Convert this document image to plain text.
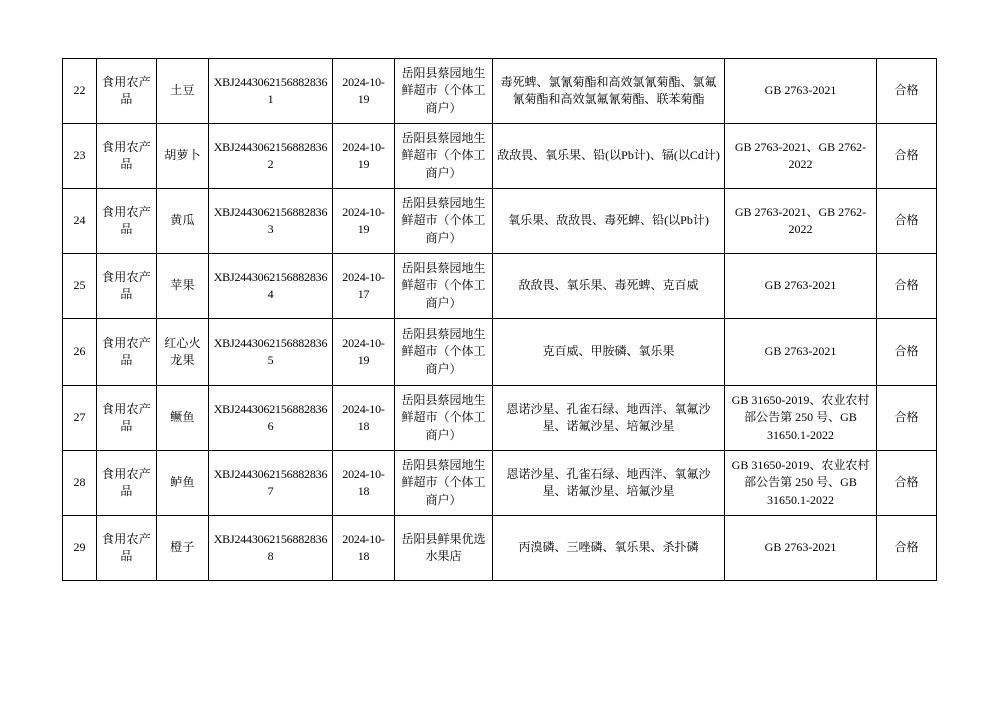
22	食用农产品	土豆	XBJ24430621568828361	2024-10-19	岳阳县蔡园地生鲜超市（个体工商户）	毒死蜱、氯氰菊酯和高效氯氰菊酯、氯氟氰菊酯和高效氯氟氰菊酯、联苯菊酯	GB 2763-2021	合格
23	食用农产品	胡萝卜	XBJ24430621568828362	2024-10-19	岳阳县蔡园地生鲜超市（个体工商户）	敌敌畏、氧乐果、铅(以Pb计)、镉(以Cd计)	GB 2763-2021、GB 2762-2022	合格
24	食用农产品	黄瓜	XBJ24430621568828363	2024-10-19	岳阳县蔡园地生鲜超市（个体工商户）	氧乐果、敌敌畏、毒死蜱、铅(以Pb计)	GB 2763-2021、GB 2762-2022	合格
25	食用农产品	苹果	XBJ24430621568828364	2024-10-17	岳阳县蔡园地生鲜超市（个体工商户）	敌敌畏、氧乐果、毒死蜱、克百威	GB 2763-2021	合格
26	食用农产品	红心火龙果	XBJ24430621568828365	2024-10-19	岳阳县蔡园地生鲜超市（个体工商户）	克百威、甲胺磷、氧乐果	GB 2763-2021	合格
27	食用农产品	鳜鱼	XBJ24430621568828366	2024-10-18	岳阳县蔡园地生鲜超市（个体工商户）	恩诺沙星、孔雀石绿、地西泮、氧氟沙星、诺氟沙星、培氟沙星	GB 31650-2019、农业农村部公告第 250 号、GB 31650.1-2022	合格
28	食用农产品	鲈鱼	XBJ24430621568828367	2024-10-18	岳阳县蔡园地生鲜超市（个体工商户）	恩诺沙星、孔雀石绿、地西泮、氧氟沙星、诺氟沙星、培氟沙星	GB 31650-2019、农业农村部公告第 250 号、GB 31650.1-2022	合格
29	食用农产品	橙子	XBJ24430621568828368	2024-10-18	岳阳县鲜果优选水果店	丙溴磷、三唑磷、氧乐果、杀扑磷	GB 2763-2021	合格
